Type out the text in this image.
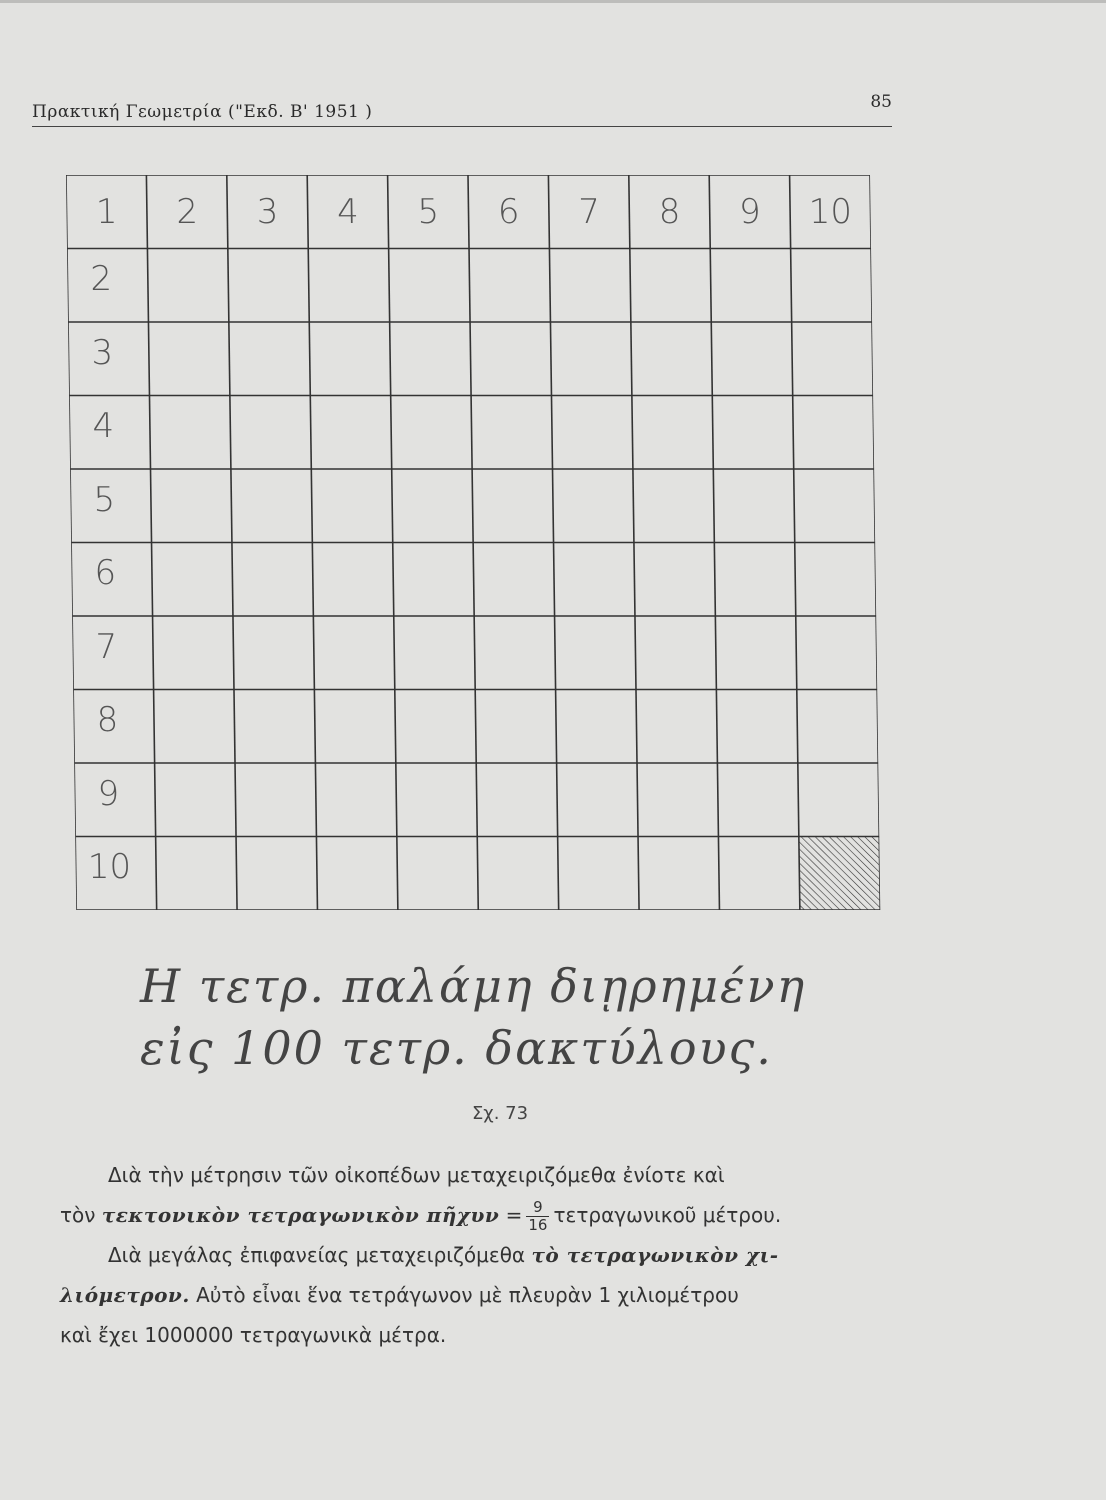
Πρακτική Γεωμετρία ("Εκδ. Β' 1951 )	85
1 2 3 4 5 6 7 8 9 10
2
3
4
5
6
7
8
9
10
Η τετρ. παλάμη διῃρημένη
εἰς 100 τετρ. δακτύλους.
Σχ. 73
Διὰ τὴν μέτρησιν τῶν οἰκοπέδων μεταχειριζόμεθα ἐνίοτε καὶ
τὸν τεκτονικὸν τετραγωνικὸν πῆχυν = $\frac{9}{16}$ τετραγωνικοῦ μέτρου.
Διὰ μεγάλας ἐπιφανείας μεταχειριζόμεθα τὸ τετραγωνικὸν χι-
λιόμετρον. Αὐτὸ εἶναι ἕνα τετράγωνον μὲ πλευρὰν 1 χιλιομέτρου
καὶ ἔχει 1000000 τετραγωνικὰ μέτρα.
